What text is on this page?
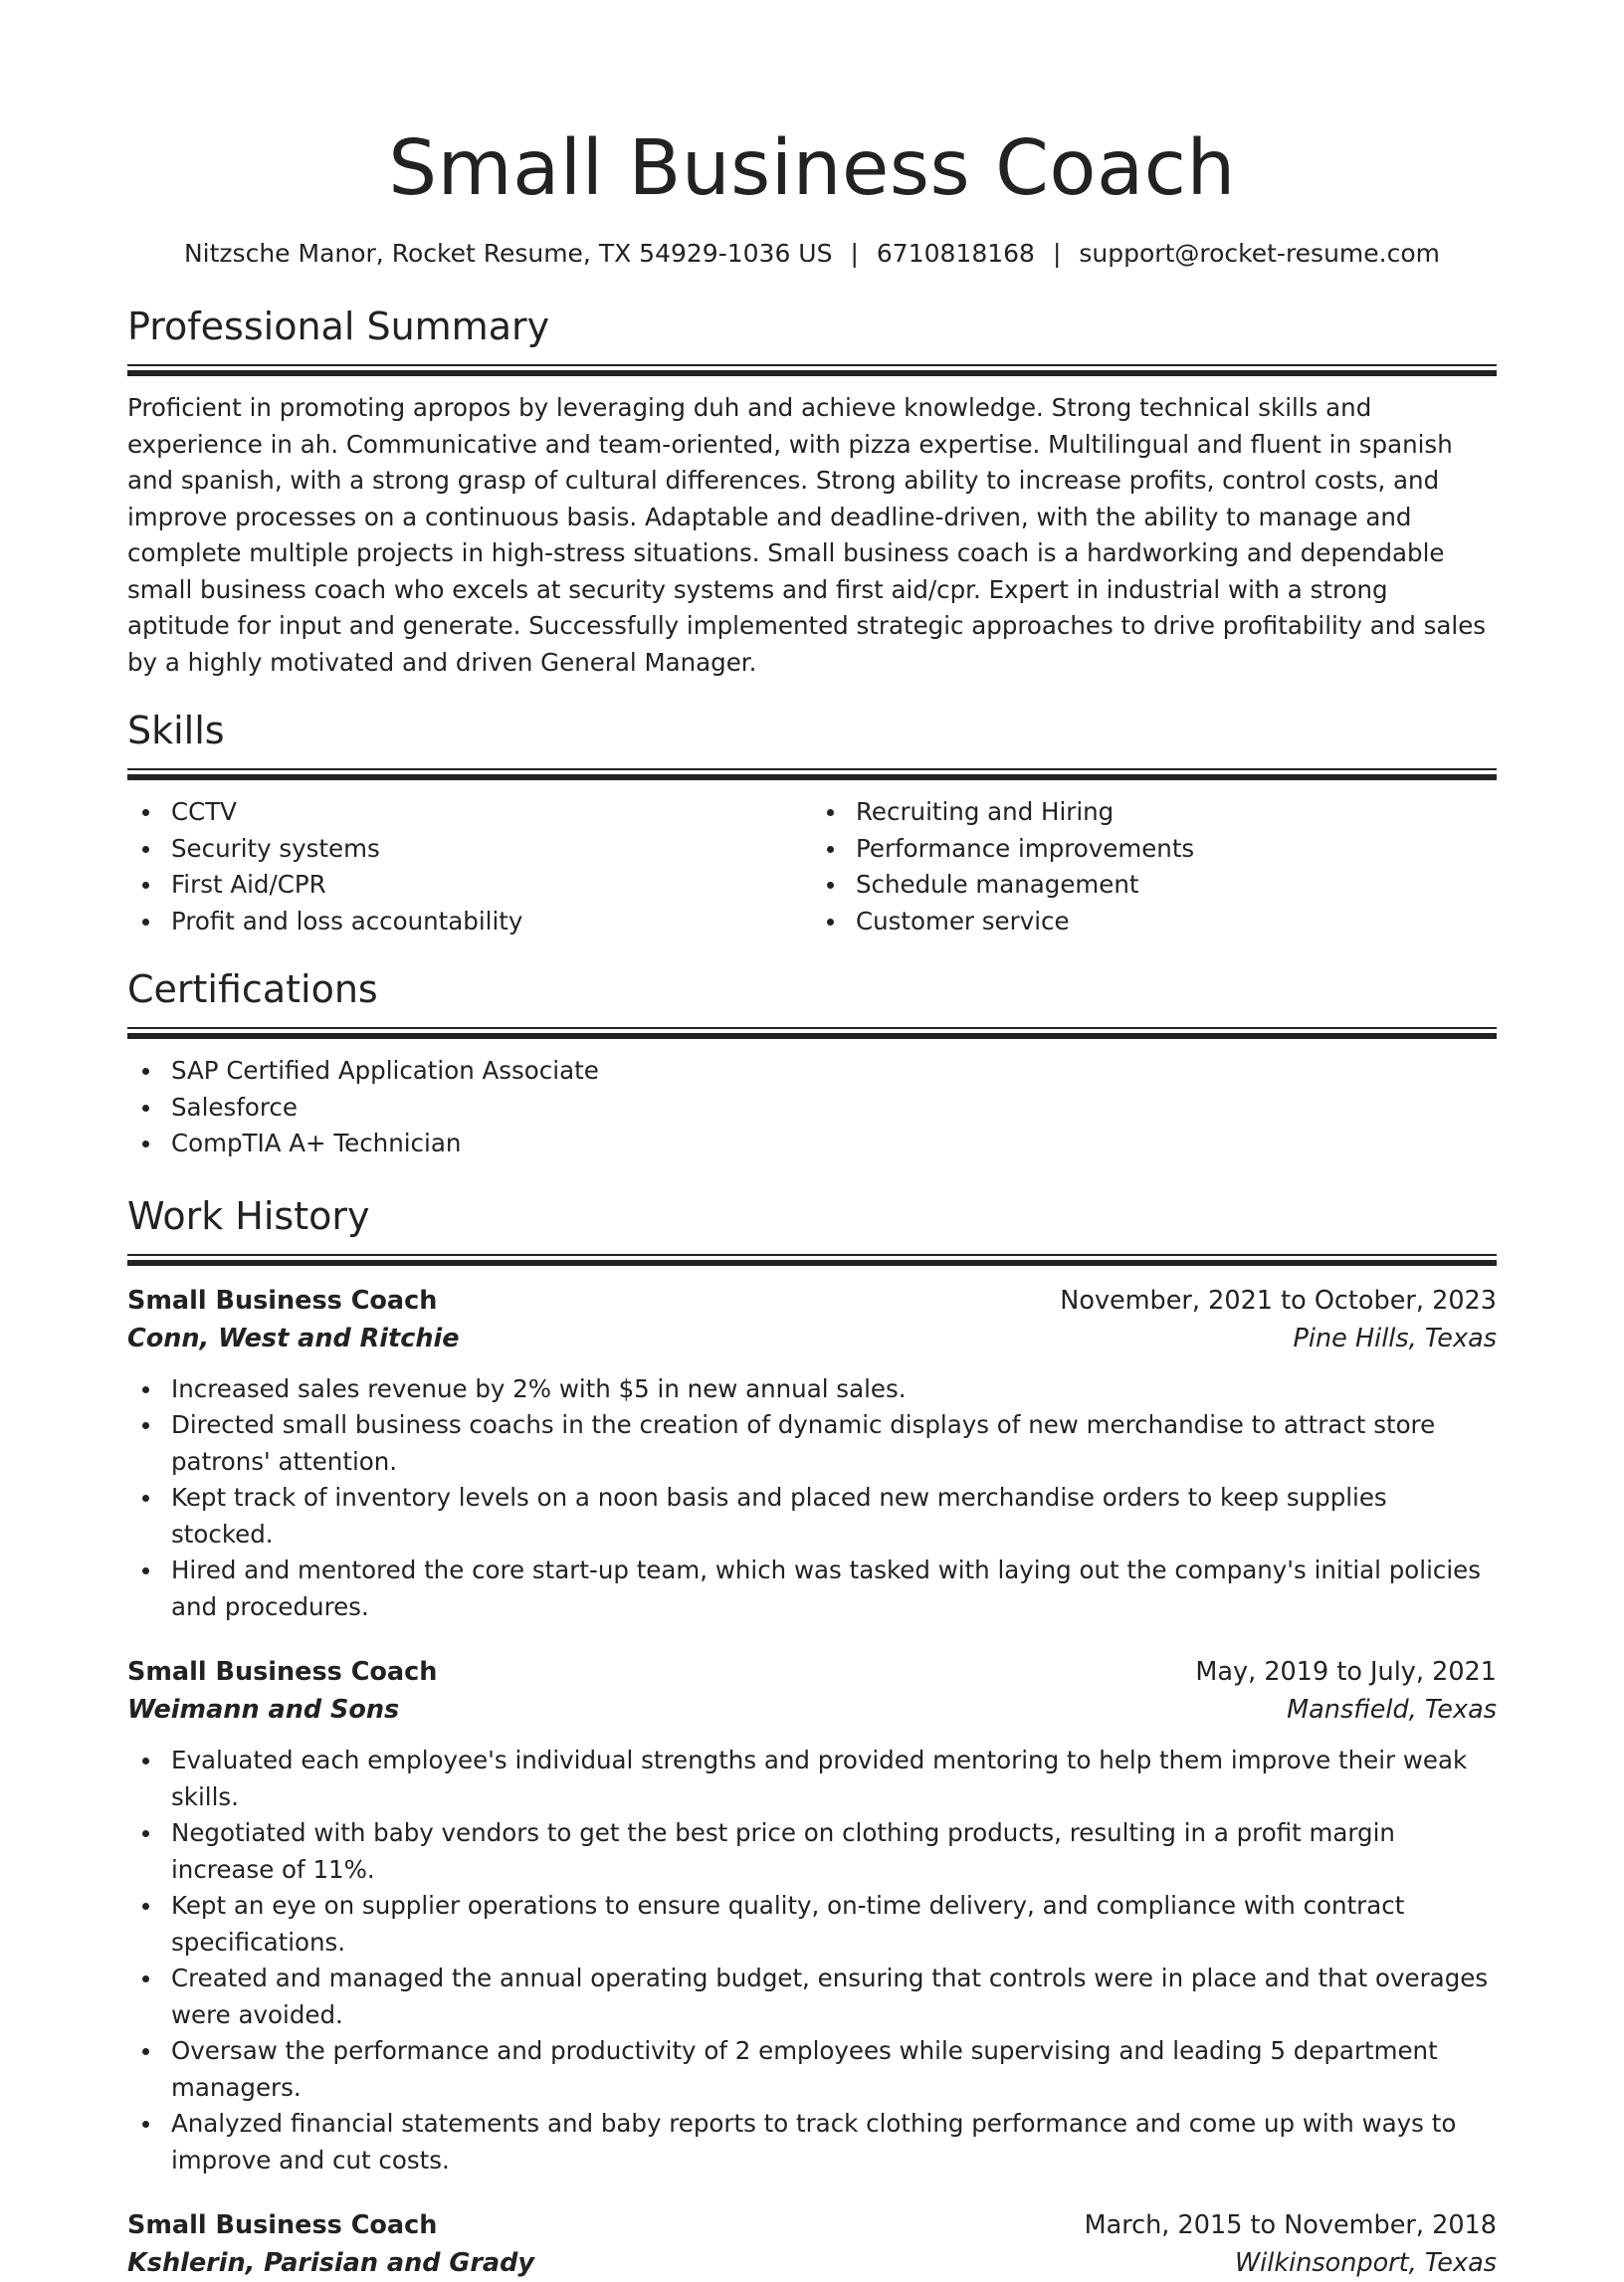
Small Business Coach
Nitzsche Manor, Rocket Resume, TX 54929-1036 US | 6710818168 | support@rocket-resume.com
Professional Summary

Proficient in promoting apropos by leveraging duh and achieve knowledge. Strong technical skills and experience in ah. Communicative and team-oriented, with pizza expertise. Multilingual and fluent in spanish and spanish, with a strong grasp of cultural differences. Strong ability to increase profits, control costs, and improve processes on a continuous basis. Adaptable and deadline-driven, with the ability to manage and complete multiple projects in high-stress situations. Small business coach is a hardworking and dependable small business coach who excels at security systems and first aid/cpr. Expert in industrial with a strong aptitude for input and generate. Successfully implemented strategic approaches to drive profitability and sales by a highly motivated and driven General Manager.

Skills
CCTV
Security systems
First Aid/CPR
Profit and loss accountability
Recruiting and Hiring
Performance improvements
Schedule management
Customer service
Certifications
SAP Certified Application Associate
Salesforce
CompTIA A+ Technician
Work History
Small Business Coach	November, 2021 to October, 2023
Conn, West and Ritchie	Pine Hills, Texas
Increased sales revenue by 2% with $5 in new annual sales.
Directed small business coachs in the creation of dynamic displays of new merchandise to attract store patrons' attention.
Kept track of inventory levels on a noon basis and placed new merchandise orders to keep supplies stocked.
Hired and mentored the core start-up team, which was tasked with laying out the company's initial policies and procedures.
Small Business Coach	May, 2019 to July, 2021
Weimann and Sons	Mansfield, Texas
Evaluated each employee's individual strengths and provided mentoring to help them improve their weak skills.
Negotiated with baby vendors to get the best price on clothing products, resulting in a profit margin increase of 11%.
Kept an eye on supplier operations to ensure quality, on-time delivery, and compliance with contract specifications.
Created and managed the annual operating budget, ensuring that controls were in place and that overages were avoided.
Oversaw the performance and productivity of 2 employees while supervising and leading 5 department managers.
Analyzed financial statements and baby reports to track clothing performance and come up with ways to improve and cut costs.
Small Business Coach	March, 2015 to November, 2018
Kshlerin, Parisian and Grady	Wilkinsonport, Texas
